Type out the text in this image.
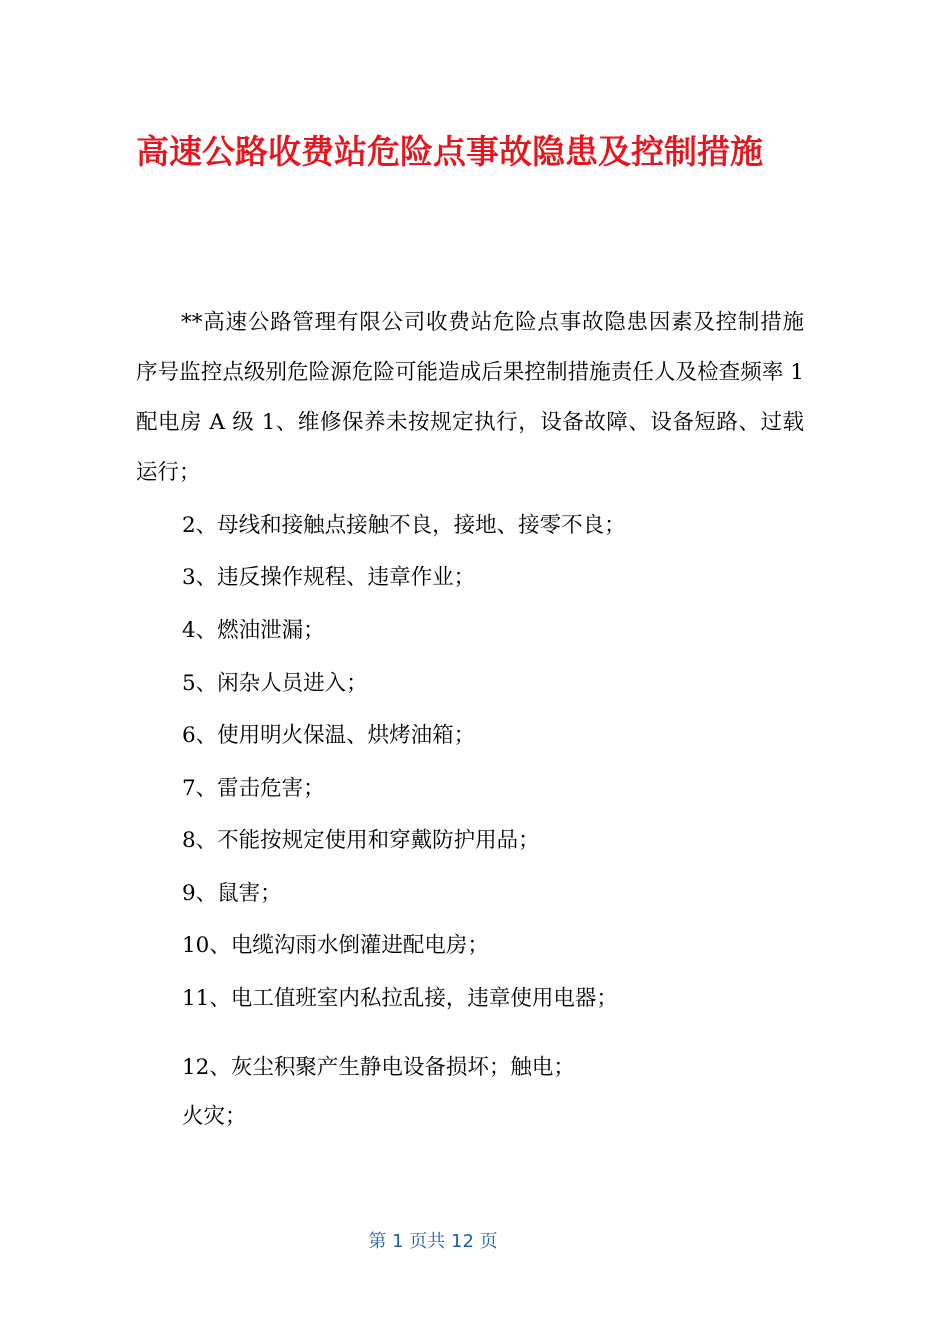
高速公路收费站危险点事故隐患及控制措施

**高速公路管理有限公司收费站危险点事故隐患因素及控制措施序号监控点级别危险源危险可能造成后果控制措施责任人及检查频率 1 配电房 A 级 1、维修保养未按规定执行，设备故障、设备短路、过载运行；

2、母线和接触点接触不良，接地、接零不良；

3、违反操作规程、违章作业；

4、燃油泄漏；

5、闲杂人员进入；

6、使用明火保温、烘烤油箱；

7、雷击危害；

8、不能按规定使用和穿戴防护用品；

9、鼠害；

10、电缆沟雨水倒灌进配电房；

11、电工值班室内私拉乱接，违章使用电器；

12、灰尘积聚产生静电设备损坏；触电；

火灾；

第 1 页共 12 页
